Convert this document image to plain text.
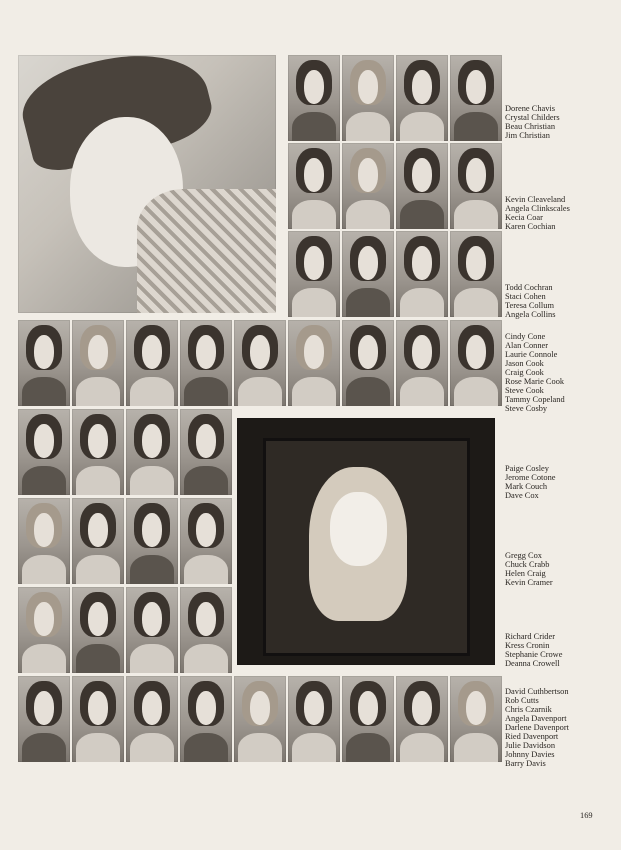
Dorene Chavis
Crystal Childers
Beau Christian
Jim Christian
Kevin Cleaveland
Angela Clinkscales
Kecia Coar
Karen Cochian
Todd Cochran
Staci Cohen
Teresa Collum
Angela Collins
Cindy Cone
Alan Conner
Laurie Connole
Jason Cook
Craig Cook
Rose Marie Cook
Steve Cook
Tammy Copeland
Steve Cosby
Paige Cosley
Jerome Cotone
Mark Couch
Dave Cox
Gregg Cox
Chuck Crabb
Helen Craig
Kevin Cramer
Richard Crider
Kress Cronin
Stephanie Crowe
Deanna Crowell
David Cuthbertson
Rob Cutts
Chris Czarnik
Angela Davenport
Darlene Davenport
Ried Davenport
Julie Davidson
Johnny Davies
Barry Davis
169
